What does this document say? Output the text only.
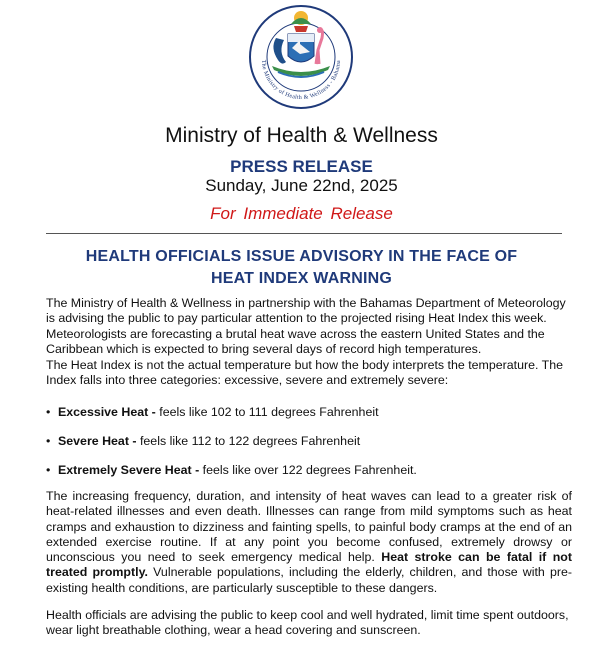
The Ministry of Health & Wellness - Bahama
Ministry of Health & Wellness
PRESS RELEASE
Sunday, June 22nd, 2025
For Immediate Release
HEALTH OFFICIALS ISSUE ADVISORY IN THE FACE OF
HEAT INDEX WARNING
The Ministry of Health & Wellness in partnership with the Bahamas Department of Meteorology is advising the public to pay particular attention to the projected rising Heat Index this week. Meteorologists are forecasting a brutal heat wave across the eastern United States and the Caribbean which is expected to bring several days of record high temperatures.
The Heat Index is not the actual temperature but how the body interprets the temperature. The Index falls into three categories: excessive, severe and extremely severe:
• Excessive Heat - feels like 102 to 111 degrees Fahrenheit
• Severe Heat - feels like 112 to 122 degrees Fahrenheit
• Extremely Severe Heat - feels like over 122 degrees Fahrenheit.
The increasing frequency, duration, and intensity of heat waves can lead to a greater risk of heat-related illnesses and even death. Illnesses can range from mild symptoms such as heat cramps and exhaustion to dizziness and fainting spells, to painful body cramps at the end of an extended exercise routine. If at any point you become confused, extremely drowsy or unconscious you need to seek emergency medical help. Heat stroke can be fatal if not treated promptly. Vulnerable populations, including the elderly, children, and those with pre-existing health conditions, are particularly susceptible to these dangers.
Health officials are advising the public to keep cool and well hydrated, limit time spent outdoors, wear light breathable clothing, wear a head covering and sunscreen.
